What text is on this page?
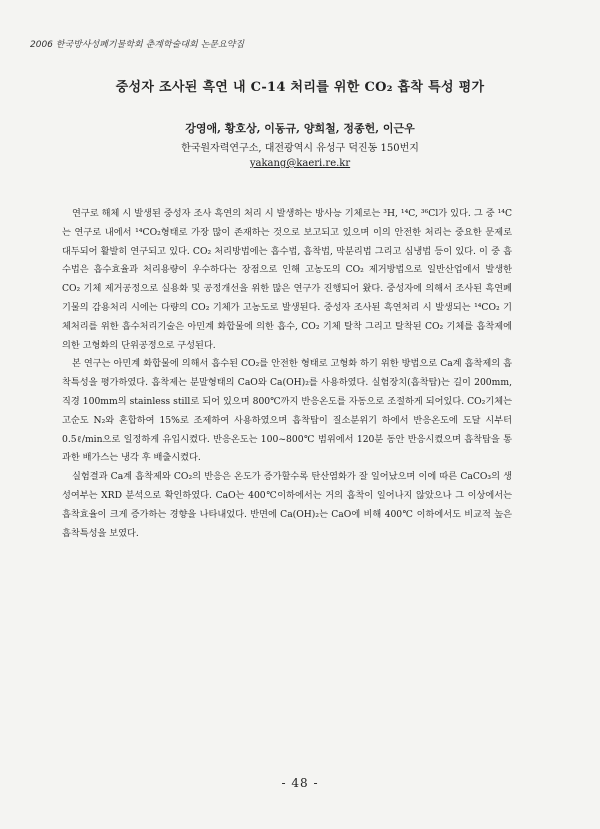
2006 한국방사성폐기물학회 춘계학술대회 논문요약집
중성자 조사된 흑연 내 C-14 처리를 위한 CO₂ 흡착 특성 평가
강영애, 황호상, 이동규, 양희철, 정종헌, 이근우
한국원자력연구소, 대전광역시 유성구 덕진동 150번지
yakang@kaeri.re.kr

연구로 해체 시 발생된 중성자 조사 흑연의 처리 시 발생하는 방사능 기체로는 ³H, ¹⁴C, ³⁶Cl가 있다. 그 중 ¹⁴C는 연구로 내에서 ¹⁴CO₂형태로 가장 많이 존재하는 것으로 보고되고 있으며 이의 안전한 처리는 중요한 문제로 대두되어 활발히 연구되고 있다. CO₂ 처리방법에는 흡수법, 흡착법, 막분리법 그리고 심냉법 등이 있다. 이 중 흡수법은 흡수효율과 처리용량이 우수하다는 장점으로 인해 고농도의 CO₂ 제거방법으로 일반산업에서 발생한 CO₂ 기체 제거공정으로 실용화 및 공정개선을 위한 많은 연구가 진행되어 왔다. 중성자에 의해서 조사된 흑연폐기물의 감용처리 시에는 다량의 CO₂ 기체가 고농도로 발생된다. 중성자 조사된 흑연처리 시 발생되는 ¹⁴CO₂ 기체처리를 위한 흡수처리기술은 아민계 화합물에 의한 흡수, CO₂ 기체 탈착 그리고 탈착된 CO₂ 기체를 흡착제에 의한 고형화의 단위공정으로 구성된다.

본 연구는 아민계 화합물에 의해서 흡수된 CO₂를 안전한 형태로 고형화 하기 위한 방법으로 Ca계 흡착제의 흡착특성을 평가하였다. 흡착제는 분말형태의 CaO와 Ca(OH)₂를 사용하였다. 실험장치(흡착탑)는 길이 200mm, 직경 100mm의 stainless still로 되어 있으며 800℃까지 반응온도를 자동으로 조절하게 되어있다. CO₂기체는 고순도 N₂와 혼합하여 15%로 조제하여 사용하였으며 흡착탑이 질소분위기 하에서 반응온도에 도달 시부터 0.5ℓ/min으로 일정하게 유입시켰다. 반응온도는 100~800℃ 범위에서 120분 동안 반응시켰으며 흡착탑을 통과한 배가스는 냉각 후 배출시켰다.

실험결과 Ca계 흡착제와 CO₂의 반응은 온도가 증가할수록 탄산염화가 잘 일어났으며 이에 따른 CaCO₃의 생성여부는 XRD 분석으로 확인하였다. CaO는 400℃이하에서는 거의 흡착이 일어나지 않았으나 그 이상에서는 흡착효율이 크게 증가하는 경향을 나타내었다. 반면에 Ca(OH)₂는 CaO에 비해 400℃ 이하에서도 비교적 높은 흡착특성을 보였다.

- 48 -
